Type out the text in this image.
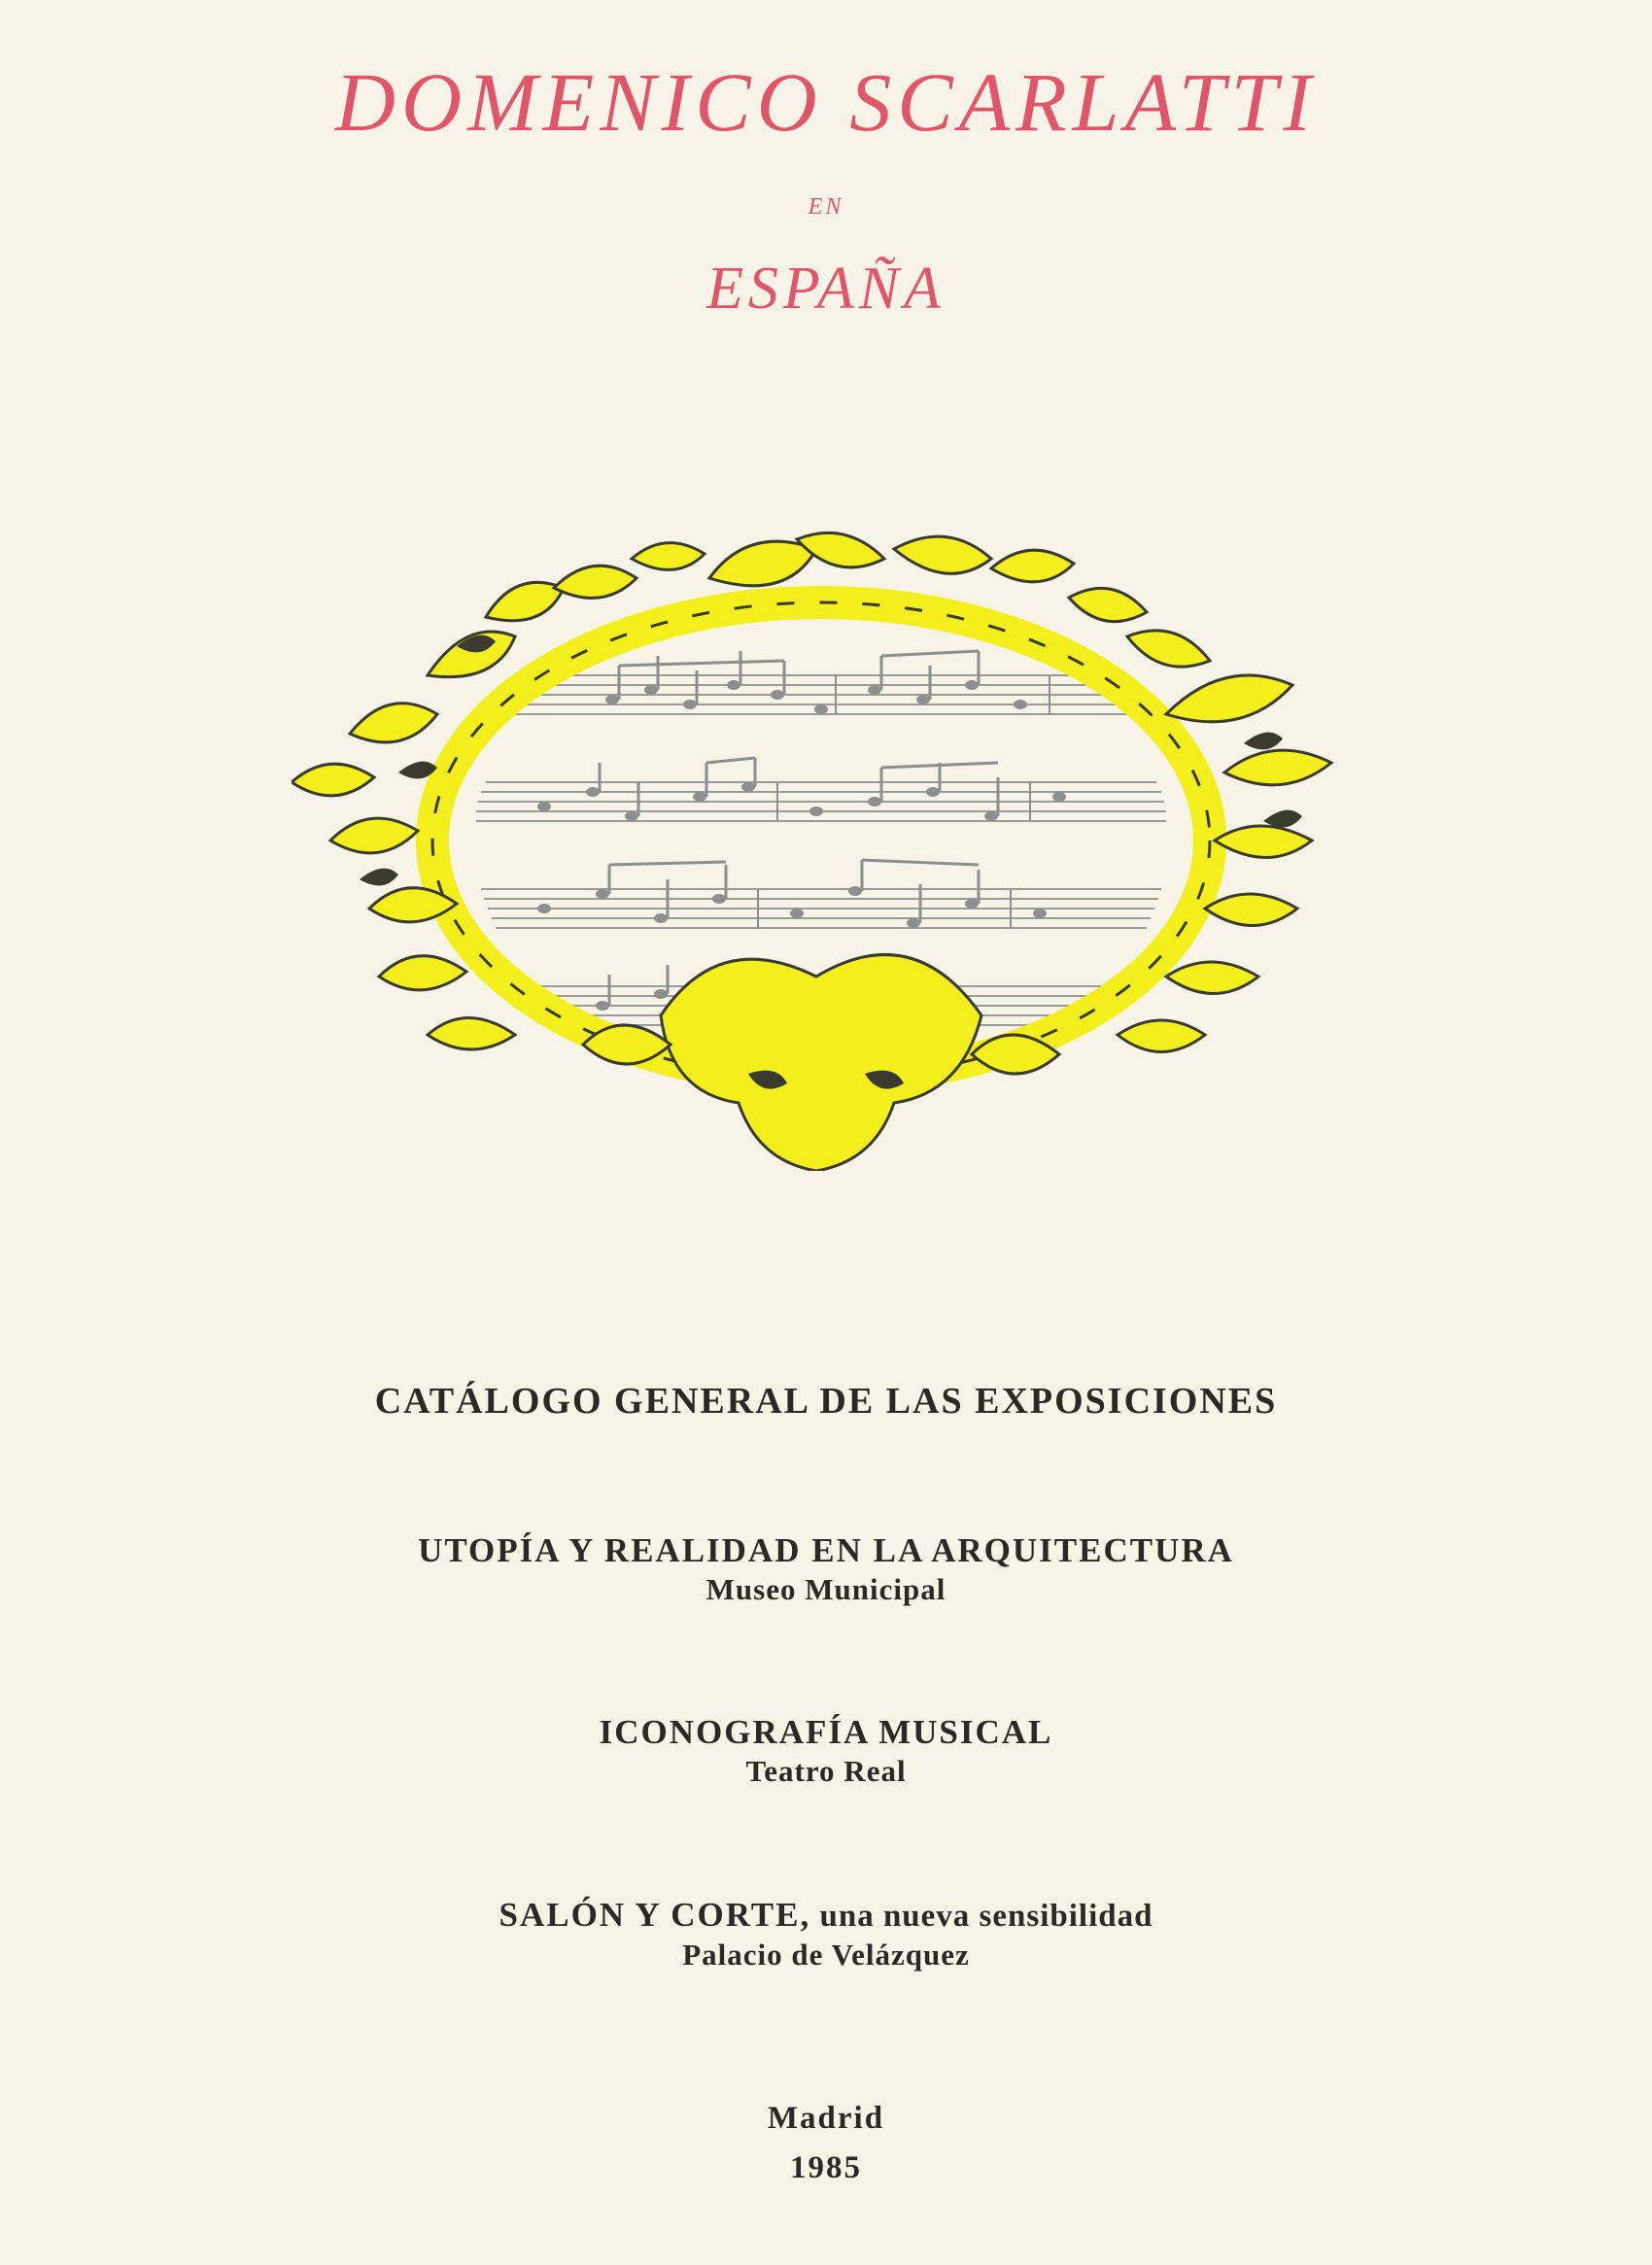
DOMENICO SCARLATTI
EN
ESPAÑA
CATÁLOGO GENERAL DE LAS EXPOSICIONES
UTOPÍA Y REALIDAD EN LA ARQUITECTURA
Museo Municipal
ICONOGRAFÍA MUSICAL
Teatro Real
SALÓN Y CORTE, una nueva sensibilidad
Palacio de Velázquez
Madrid
1985
